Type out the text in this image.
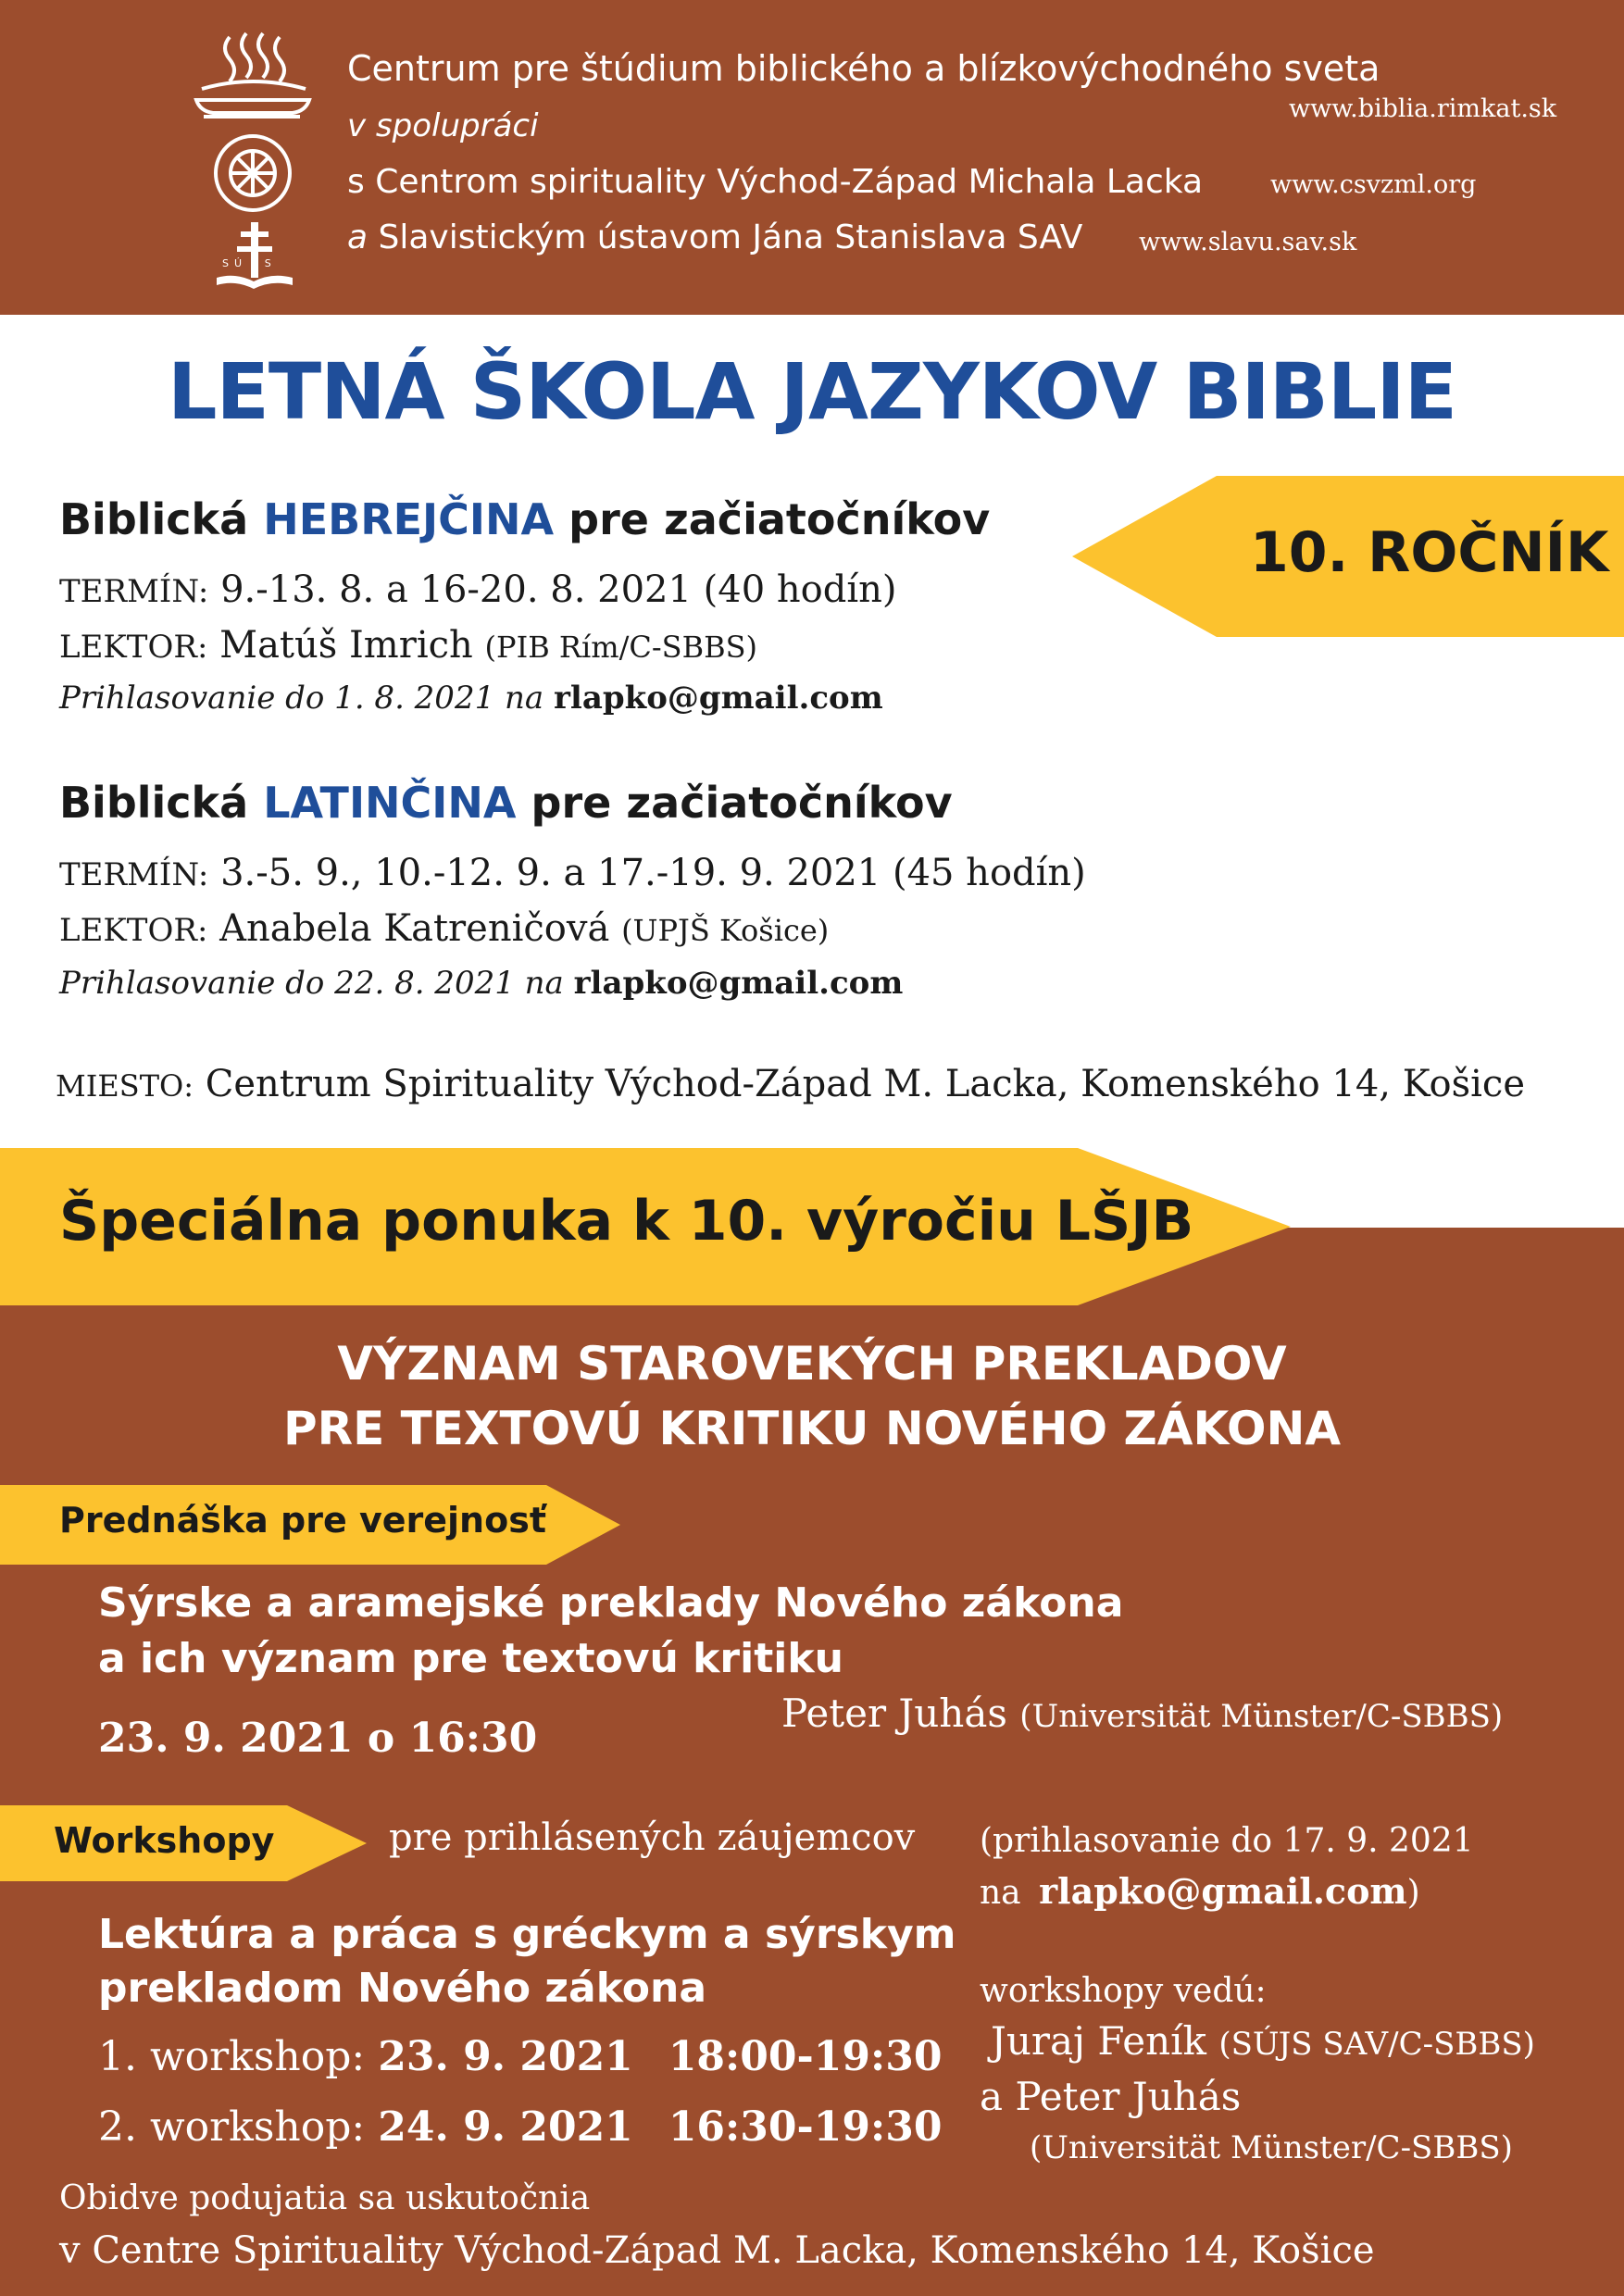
SÚ JS
Centrum pre štúdium biblického a blízkovýchodného sveta
www.biblia.rimkat.sk
v spolupráci
s Centrom spirituality Východ-Západ Michala Lacka	www.csvzml.org
a Slavistickým ústavom Jána Stanislava SAV www.slavu.sav.sk
LETNÁ ŠKOLA JAZYKOV BIBLIE
10. ROČNÍK
Biblická HEBREJČINA pre začiatočníkov
TERMÍN: 9.-13. 8. a 16-20. 8. 2021 (40 hodín)
LEKTOR: Matúš Imrich (PIB Rím/C-SBBS)
Prihlasovanie do 1. 8. 2021 na rlapko@gmail.com
Biblická LATINČINA pre začiatočníkov
TERMÍN: 3.-5. 9., 10.-12. 9. a 17.-19. 9. 2021 (45 hodín)
LEKTOR: Anabela Katreničová (UPJŠ Košice)
Prihlasovanie do 22. 8. 2021 na rlapko@gmail.com
MIESTO: Centrum Spirituality Východ-Západ M. Lacka, Komenského 14, Košice
Špeciálna ponuka k 10. výročiu LŠJB
VÝZNAM STAROVEKÝCH PREKLADOV
PRE TEXTOVÚ KRITIKU NOVÉHO ZÁKONA
Prednáška pre verejnosť
Sýrske a aramejské preklady Nového zákona
a ich význam pre textovú kritiku
Peter Juhás (Universität Münster/C-SBBS)
23. 9. 2021 o 16:30
Workshopy	pre prihlásených záujemcov (prihlasovanie do 17. 9. 2021
na rlapko@gmail.com)
Lektúra a práca s gréckym a sýrskym
prekladom Nového zákona
1. workshop: 23. 9. 2021 18:00-19:30
2. workshop: 24. 9. 2021 16:30-19:30
workshopy vedú:
Juraj Feník (SÚJS SAV/C-SBBS)
a Peter Juhás
(Universität Münster/C-SBBS)
Obidve podujatia sa uskutočnia
v Centre Spirituality Východ-Západ M. Lacka, Komenského 14, Košice
